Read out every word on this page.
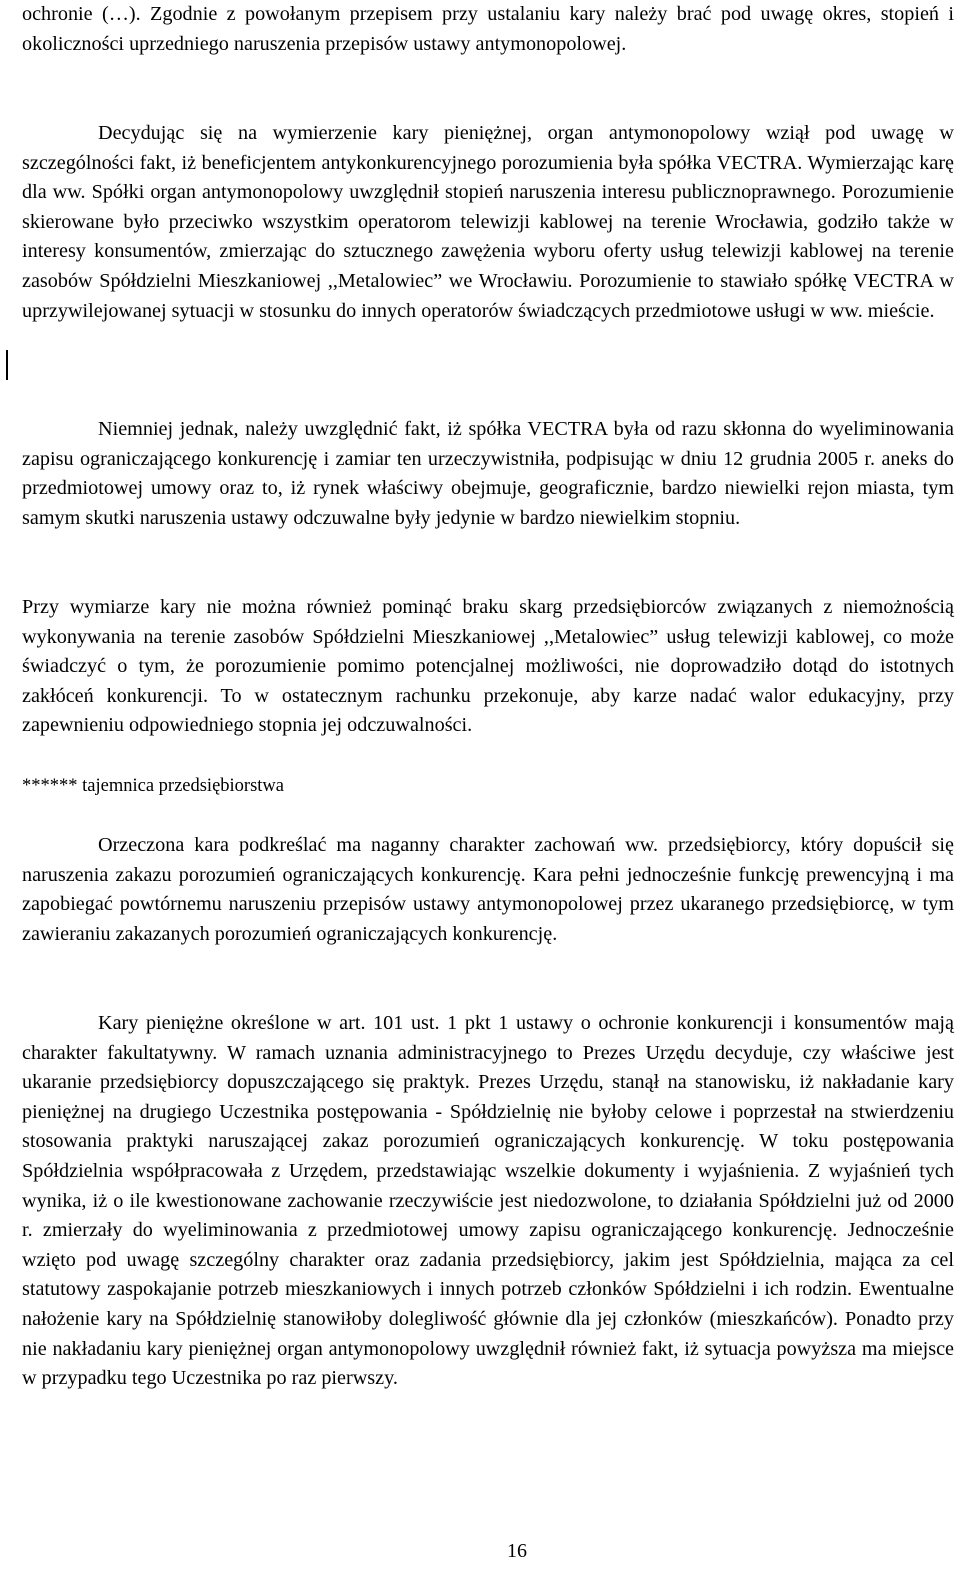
ochronie (…). Zgodnie z powołanym przepisem przy ustalaniu kary należy brać pod uwagę okres, stopień i okoliczności uprzedniego naruszenia przepisów ustawy antymonopolowej.

Decydując się na wymierzenie kary pieniężnej, organ antymonopolowy wziął pod uwagę w szczególności fakt, iż beneficjentem antykonkurencyjnego porozumienia była spółka VECTRA. Wymierzając karę dla ww. Spółki organ antymonopolowy uwzględnił stopień naruszenia interesu publicznoprawnego. Porozumienie skierowane było przeciwko wszystkim operatorom telewizji kablowej na terenie Wrocławia, godziło także w interesy konsumentów, zmierzając do sztucznego zawężenia wyboru oferty usług telewizji kablowej na terenie zasobów Spółdzielni Mieszkaniowej ,,Metalowiec” we Wrocławiu. Porozumienie to stawiało spółkę VECTRA w uprzywilejowanej sytuacji w stosunku do innych operatorów świadczących przedmiotowe usługi w ww. mieście.

Niemniej jednak, należy uwzględnić fakt, iż spółka VECTRA była od razu skłonna do wyeliminowania zapisu ograniczającego konkurencję i zamiar ten urzeczywistniła, podpisując w dniu 12 grudnia 2005 r. aneks do przedmiotowej umowy oraz to, iż rynek właściwy obejmuje, geograficznie, bardzo niewielki rejon miasta, tym samym skutki naruszenia ustawy odczuwalne były jedynie w bardzo niewielkim stopniu.

Przy wymiarze kary nie można również pominąć braku skarg przedsiębiorców związanych z niemożnością wykonywania na terenie zasobów Spółdzielni Mieszkaniowej ,,Metalowiec” usług telewizji kablowej, co może świadczyć o tym, że porozumienie pomimo potencjalnej możliwości, nie doprowadziło dotąd do istotnych zakłóceń konkurencji. To w ostatecznym rachunku przekonuje, aby karze nadać walor edukacyjny, przy zapewnieniu odpowiedniego stopnia jej odczuwalności.

****** tajemnica przedsiębiorstwa

Orzeczona kara podkreślać ma naganny charakter zachowań ww. przedsiębiorcy, który dopuścił się naruszenia zakazu porozumień ograniczających konkurencję. Kara pełni jednocześnie funkcję prewencyjną i ma zapobiegać powtórnemu naruszeniu przepisów ustawy antymonopolowej przez ukaranego przedsiębiorcę, w tym zawieraniu zakazanych porozumień ograniczających konkurencję.

Kary pieniężne określone w art. 101 ust. 1 pkt 1 ustawy o ochronie konkurencji i konsumentów mają charakter fakultatywny. W ramach uznania administracyjnego to Prezes Urzędu decyduje, czy właściwe jest ukaranie przedsiębiorcy dopuszczającego się praktyk. Prezes Urzędu, stanął na stanowisku, iż nakładanie kary pieniężnej na drugiego Uczestnika postępowania - Spółdzielnię nie byłoby celowe i poprzestał na stwierdzeniu stosowania praktyki naruszającej zakaz porozumień ograniczających konkurencję. W toku postępowania Spółdzielnia współpracowała z Urzędem, przedstawiając wszelkie dokumenty i wyjaśnienia. Z wyjaśnień tych wynika, iż o ile kwestionowane zachowanie rzeczywiście jest niedozwolone, to działania Spółdzielni już od 2000 r. zmierzały do wyeliminowania z przedmiotowej umowy zapisu ograniczającego konkurencję. Jednocześnie wzięto pod uwagę szczególny charakter oraz zadania przedsiębiorcy, jakim jest Spółdzielnia, mająca za cel statutowy zaspokajanie potrzeb mieszkaniowych i innych potrzeb członków Spółdzielni i ich rodzin. Ewentualne nałożenie kary na Spółdzielnię stanowiłoby dolegliwość głównie dla jej członków (mieszkańców). Ponadto przy nie nakładaniu kary pieniężnej organ antymonopolowy uwzględnił również fakt, iż sytuacja powyższa ma miejsce w przypadku tego Uczestnika po raz pierwszy.

16
